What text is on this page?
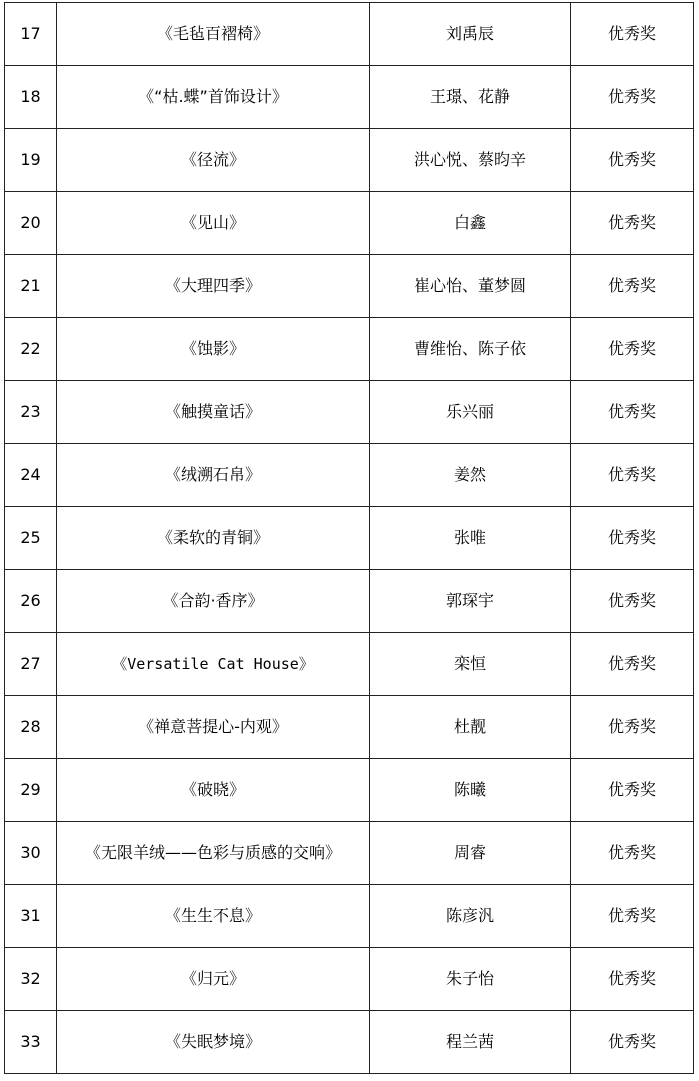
17	《毛毡百褶椅》	刘禹辰	优秀奖
18	《“枯.蝶”首饰设计》	王璟、花静	优秀奖
19	《径流》	洪心悦、蔡昀辛	优秀奖
20	《见山》	白鑫	优秀奖
21	《大理四季》	崔心怡、董梦圆	优秀奖
22	《蚀影》	曹维怡、陈子依	优秀奖
23	《触摸童话》	乐兴丽	优秀奖
24	《绒溯石帛》	姜然	优秀奖
25	《柔软的青铜》	张唯	优秀奖
26	《合韵·香序》	郭琛宇	优秀奖
27	《Versatile Cat House》	栾恒	优秀奖
28	《禅意菩提心-内观》	杜靓	优秀奖
29	《破晓》	陈曦	优秀奖
30	《无限羊绒——色彩与质感的交响》	周睿	优秀奖
31	《生生不息》	陈彦汎	优秀奖
32	《归元》	朱子怡	优秀奖
33	《失眠梦境》	程兰茜	优秀奖
